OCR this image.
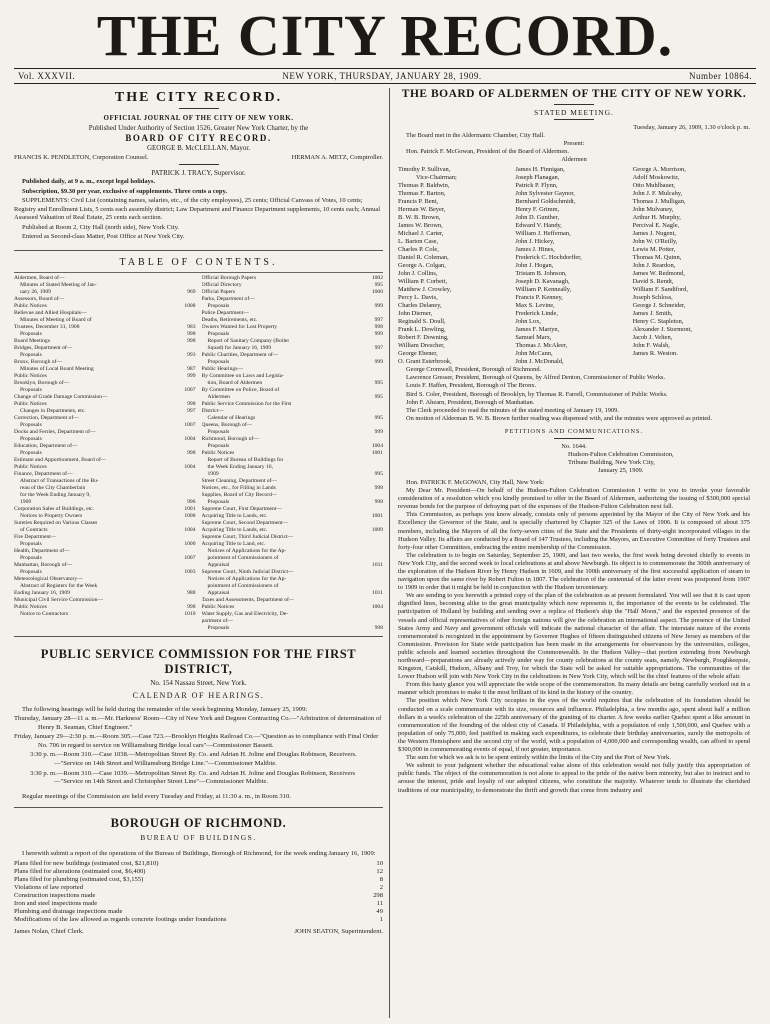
THE CITY RECORD.
Vol. XXXVII.	NEW YORK, THURSDAY, JANUARY 28, 1909.	Number 10864.
THE CITY RECORD.
OFFICIAL JOURNAL OF THE CITY OF NEW YORK.
Published Under Authority of Section 1526, Greater New York Charter, by the
BOARD OF CITY RECORD.
GEORGE B. McCLELLAN, Mayor.
FRANCIS K. PENDLETON, Corporation Counsel.	HERMAN A. METZ, Comptroller.
PATRICK J. TRACY, Supervisor.

Published daily, at 9 a. m., except legal holidays.

Subscription, $9.30 per year, exclusive of supplements. Three cents a copy.

SUPPLEMENTS: Civil List (containing names, salaries, etc., of the city employees), 25 cents; Official Canvass of Votes, 10 cents; Registry and Enrollment Lists, 5 cents each assembly district; Law Department and Finance Department supplements, 10 cents each; Annual Assessed Valuation of Real Estate, 25 cents each section.

Published at Room 2, City Hall (north side), New York City.

Entered as Second-class Matter, Post Office at New York City.

TABLE OF CONTENTS.
Aldermen, Board of—
Minutes of Stated Meeting of Jan-
uary 26, 1909	969
Assessors, Board of—
Public Notices	1008
Bellevue and Allied Hospitals—
Minutes of Meeting of Board of
Trustees, December 31, 1908	983
Proposals	998
Board Meetings	998
Bridges, Department of—
Proposals	993
Bronx, Borough of—
Minutes of Local Board Meeting	987
Public Notices	999
Brooklyn, Borough of—
Proposals	1007
Change of Grade Damage Commission—
Public Notices	998
Changes in Departments, etc.	997
Correction, Department of—
Proposals	1007
Docks and Ferries, Department of—
Proposals	1004
Education, Department of—
Proposals	998
Estimate and Apportionment, Board of—
Public Notices	1004
Finance, Department of—
Abstract of Transactions of the Bu-
reau of the City Chamberlain
for the Week Ending January 9,
1909	996
Corporation Sales of Buildings, etc.	1001
Notices to Property Owners	1008
Sureties Required on Various Classes
of Contracts	1004
Fire Department—
Proposals	1000
Health, Department of—
Proposals	1007
Manhattan, Borough of—
Proposals	1003
Meteorological Observatory—
Abstract of Registers for the Week
Ending January 16, 1909	988
Municipal Civil Service Commission—
Public Notices	998
Notice to Contractors	1010
Official Borough Papers	1002
Official Directory	995
Official Papers	1000
Parks, Department of—
Proposals	999
Police Department—
Deaths, Retirements, etc.	997
Owners Wanted for Lost Property	998
Proposals	999
Report of Sanitary Company (Boiler
Squad) for January 16, 1909	997
Public Charities, Department of—
Proposals	999
Public Hearings—
By Committee on Laws and Legisla-
tion, Board of Aldermen	995
By Committee on Police, Board of
Aldermen	995
Public Service Commission for the First
District—
Calendar of Hearings	995
Queens, Borough of—
Proposals	999
Richmond, Borough of—
Proposals	1004
Public Notices	1001
Report of Bureau of Buildings for
the Week Ending January 16,
1909	995
Street Cleaning, Department of—
Notices, etc., for Filling in Lands	998
Supplies, Board of City Record—
Proposals	998
Supreme Court, First Department—
Acquiring Title to Lands, etc.	1001
Supreme Court, Second Department—
Acquiring Title to Lands, etc.	1009
Supreme Court, Third Judicial District—
Acquiring Title to Land, etc.
Notices of Applications for the Ap-
pointment of Commissioners of
Appraisal	1011
Supreme Court, Ninth Judicial District—
Notices of Applications for the Ap-
pointment of Commissioners of
Appraisal	1011
Taxes and Assessments, Department of—
Public Notices	1004
Water Supply, Gas and Electricity, De-
partment of—
Proposals	998
PUBLIC SERVICE COMMISSION FOR THE FIRST DISTRICT,
No. 154 Nassau Street, New York.
CALENDAR OF HEARINGS.

The following hearings will be held during the remainder of the week beginning Monday, January 25, 1909:

Thursday, January 28—11 a. m.—Mr. Harkness' Room—City of New York and Degnon Contracting Co.—"Arbitration of determination of Henry B. Seaman, Chief Engineer."

Friday, January 29—2:30 p. m.—Room 305.—Case 723.—Brooklyn Heights Railroad Co.—"Question as to compliance with Final Order No. 706 in regard to service on Williamsburg Bridge local cars"—Commissioner Bassett.

3:30 p. m.—Room 310.—Case 1038.—Metropolitan Street Ry. Co. and Adrian H. Joline and Douglas Robinson, Receivers.—"Service on 14th Street and Williamsburg Bridge Line."—Commissioner Maltbie.

3:30 p. m.—Room 310.—Case 1039.—Metropolitan Street Ry. Co. and Adrian H. Joline and Douglas Robinson, Receivers—"Service on 14th Street and Christopher Street Line"—Commissioner Maltbie.

Regular meetings of the Commission are held every Tuesday and Friday, at 11:30 a. m., in Room 310.

BOROUGH OF RICHMOND.
BUREAU OF BUILDINGS.

I herewith submit a report of the operations of the Bureau of Buildings, Borough of Richmond, for the week ending January 16, 1909:

Plans filed for new buildings (estimated cost, $21,810)	10
Plans filed for alterations (estimated cost, $6,400)	12
Plans filed for plumbing (estimated cost, $3,155)	8
Violations of law reported	2
Construction inspections made	298
Iron and steel inspections made	11
Plumbing and drainage inspections made	49
Modifications of the law allowed as regards concrete footings under foundations	1
James Nolan, Chief Clerk.	JOHN SEATON, Superintendent.
THE BOARD OF ALDERMEN OF THE CITY OF NEW YORK.
STATED MEETING.

Tuesday, January 26, 1909, 1.30 o'clock p. m.

The Board met in the Aldermanic Chamber, City Hall.

Present:

Hon. Patrick F. McGowan, President of the Board of Aldermen.

Aldermen
Timothy P. Sullivan,
Vice-Chairman;
Thomas P. Baldwin,
Thomas F. Barton,
Francis P. Bent,
Herman W. Beyer,
B. W. B. Brown,
James W. Brown,
Michael J. Carter,
L. Barton Case,
Charles P. Cole,
Daniel R. Coleman,
George A. Colgan,
John J. Collins,
William P. Corbett,
Matthew J. Crowley,
Percy L. Davis,
Charles Delaney,
John Diemer,
Reginald S. Doull,
Frank L. Dowling,
Robert F. Downing,
William Drescher,
George Ebener,
O. Grant Esterbrook,
James H. Finnigan,
Joseph Flanagan,
Patrick P. Flynn,
John Sylvester Gaynor,
Bernhard Goldschmidt,
Henry F. Grimm,
John D. Gunther,
Edward V. Handy,
William J. Heffernan,
John J. Hickey,
James J. Hines,
Frederick C. Hochdorffer,
John J. Hogan,
Tristam B. Johnson,
Joseph D. Kavanagh,
William P. Kenneally,
Francis P. Kenney,
Max S. Levine,
Frederick Linde,
John Lox,
James F. Martyn,
Samuel Marx,
Thomas J. McAleer,
John McCann,
John J. McDonald,
George A. Morrison,
Adolf Moskowitz,
Otto Muhlbauer,
John J. F. Mulcahy,
Thomas J. Mulligan,
John Mulvaney,
Arthur H. Murphy,
Percival E. Nagle,
James J. Nugent,
John W. O'Reilly,
Lewis M. Potter,
Thomas M. Quinn,
John J. Reardon,
James W. Redmond,
David S. Rendt,
William F. Sandiford,
Joseph Schloss,
George J. Schneider,
James J. Smith,
Henry C. Stapleton,
Alexander J. Stormont,
Jacob J. Velten,
John F. Walsh,
James R. Weston.

George Cromwell, President, Borough of Richmond.

Lawrence Gresser, President, Borough of Queens, by Alfred Denton, Commissioner of Public Works.

Louis F. Haffen, President, Borough of The Bronx.

Bird S. Coler, President, Borough of Brooklyn, by Thomas R. Farrell, Commissioner of Public Works.

John F. Ahearn, President, Borough of Manhattan.

The Clerk proceeded to read the minutes of the stated meeting of January 19, 1909.

On motion of Alderman B. W. B. Brown further reading was dispensed with, and the minutes were approved as printed.

PETITIONS AND COMMUNICATIONS.
No. 1644.
Hudson-Fulton Celebration Commission,
Tribune Building, New York City,
January 25, 1909.

Hon. PATRICK F. McGOWAN, City Hall, New York:

My Dear Mr. President—On behalf of the Hudson-Fulton Celebration Commission I write to you to invoke your favorable consideration of a resolution which you kindly promised to offer in the Board of Aldermen, authorizing the issuing of $300,000 special revenue bonds for the purpose of defraying part of the expenses of the Hudson-Fulton Celebration next fall.

This Commission, as perhaps you know already, consists only of persons appointed by the Mayor of the City of New York and his Excellency the Governor of the State, and is specially chartered by Chapter 325 of the Laws of 1906. It is composed of about 375 members, including the Mayors of all the forty-seven cities of the State and the Presidents of thirty-eight incorporated villages in the Hudson Valley. Its affairs are conducted by a Board of 147 Trustees, including the Mayors, an Executive Committee of forty Trustees and forty-four other Committees, embracing the entire membership of the Commission.

The celebration is to begin on Saturday, September 25, 1909, and last two weeks, the first week being devoted chiefly to events in New York City, and the second week to local celebrations at and above Newburgh. Its object is to commemorate the 300th anniversary of the exploration of the Hudson River by Henry Hudson in 1609, and the 100th anniversary of the first successful application of steam to navigation upon the same river by Robert Fulton in 1807. The celebration of the centennial of the latter event was postponed from 1907 to 1909 in order that it might be held in conjunction with the Hudson tercentenary.

We are sending to you herewith a printed copy of the plan of the celebration as at present formulated. You will see that it is cast upon dignified lines, becoming alike to the great municipality which now represents it, the importance of the events to be celebrated. The participation of Holland by building and sending over a replica of Hudson's ship the "Half Moon," and the expected presence of the vessels and official representatives of other foreign nations will give the celebration an international aspect. The presence of the United States Army and Navy and government officials will indicate the national character of the affair. The interstate nature of the events commemorated is recognized in the appointment by Governor Hughes of fifteen distinguished citizens of New Jersey as members of the Commission. Provision for State wide participation has been made in the arrangements for observances by the universities, colleges, public schools and learned societies throughout the Commonwealth. In the Hudson Valley—that portion extending from Newburgh northward—preparations are already actively under way for county celebrations at the county seats, namely, Newburgh, Poughkeepsie, Kingston, Catskill, Hudson, Albany and Troy, for which the State will be asked for suitable appropriations. The communities of the Lower Hudson will join with New York City in the celebrations in New York City, which will be the chief features of the whole affair.

From this hasty glance you will appreciate the wide scope of the commemoration. Its many details are being carefully worked out in a manner which promises to make it the most brilliant of its kind in the history of the country.

The position which New York City occupies in the eyes of the world requires that the celebration of its foundation should be conducted on a scale commensurate with its size, resources and influence. Philadelphia, a few months ago, spent about half a million dollars in a week's celebration of the 225th anniversary of the granting of its charter. A few weeks earlier Quebec spent a like amount in commemoration of the founding of the oldest city of Canada. If Philadelphia, with a population of only 1,500,000, and Quebec with a population of only 75,000, feel justified in making such expenditures, to celebrate their birthday anniversaries, surely the metropolis of the Western Hemisphere and the second city of the world, with a population of 4,000,000 and corresponding wealth, can afford to spend $300,000 in commemorating events of equal, if not greater, importance.

The sum for which we ask is to be spent entirely within the limits of the City and the Port of New York.

We submit to your judgment whether the educational value alone of this celebration would not fully justify this appropriation of public funds. The object of the commemoration is not alone to appeal to the pride of the native born minority, but also to instruct and to arouse the interest, pride and loyalty of our adopted citizens, who constitute the majority. Whatever tends to illustrate the cherished traditions of our municipality, to demonstrate the thrift and growth that come from industry and
